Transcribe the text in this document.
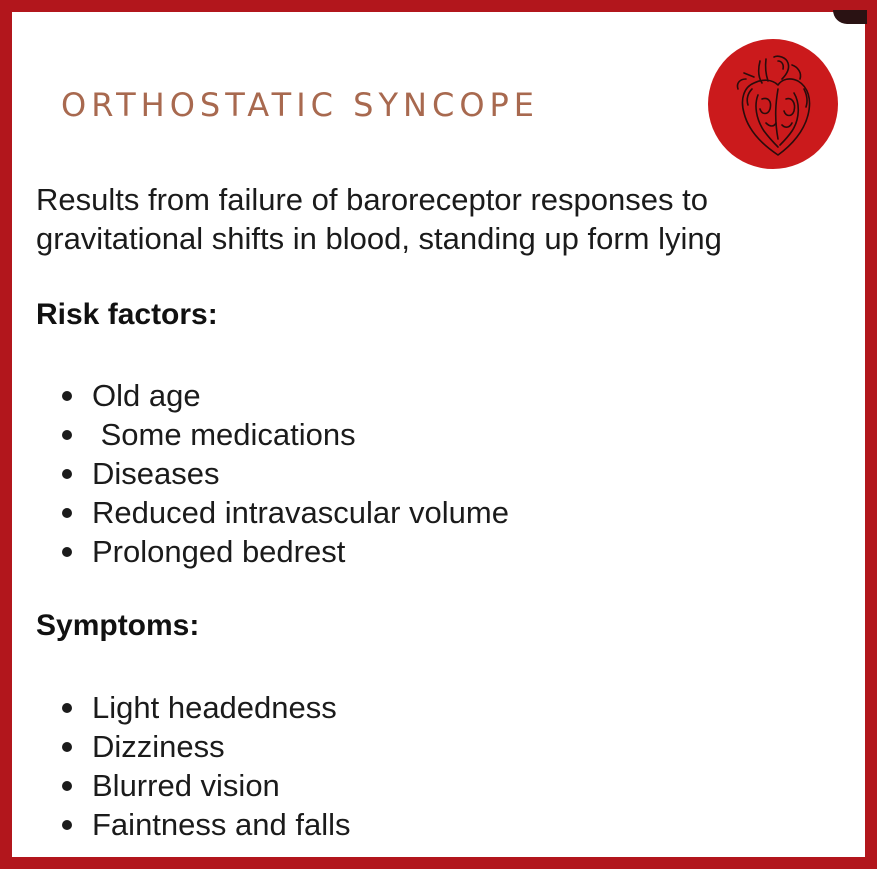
ORTHOSTATIC SYNCOPE

Results from failure of baroreceptor responses to gravitational shifts in blood, standing up form lying

Risk factors:
Old age
Some medications
Diseases
Reduced intravascular volume
Prolonged bedrest
Symptoms:
Light headedness
Dizziness
Blurred vision
Faintness and falls
